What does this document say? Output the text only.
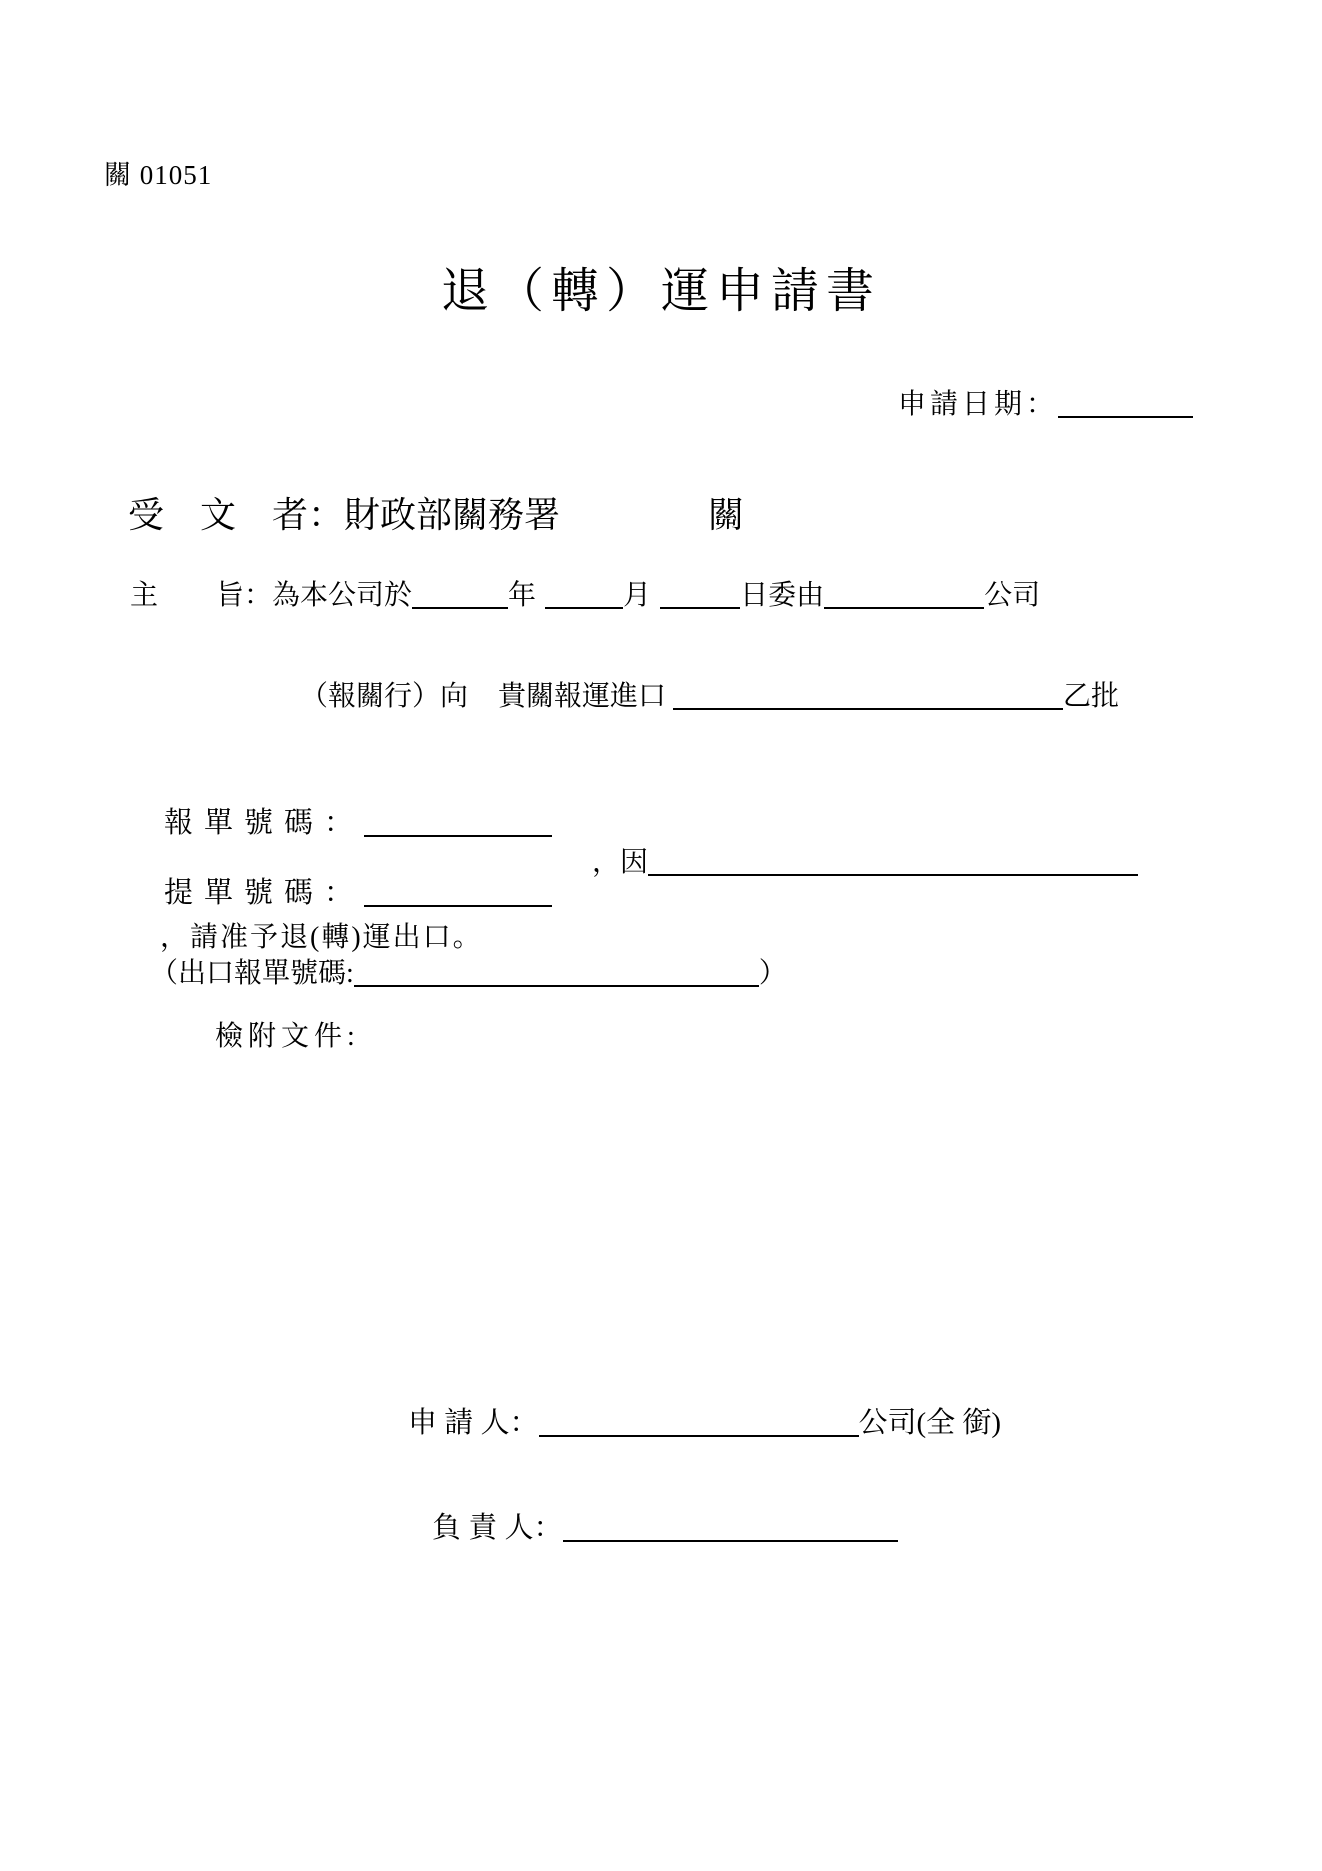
關 01051
退（轉）運申請書
申請日期：
受　文　者：財政部關務署	關
主 旨：為本公司於	年	月	日委由	公司
（報關行）向 貴關報運進口	乙批
報單號碼：
，因
提單號碼：
，請准予退(轉)運出口。
（出口報單號碼:	）
檢附文件:
申 請 人：	公司(全 銜)
負 責 人：
